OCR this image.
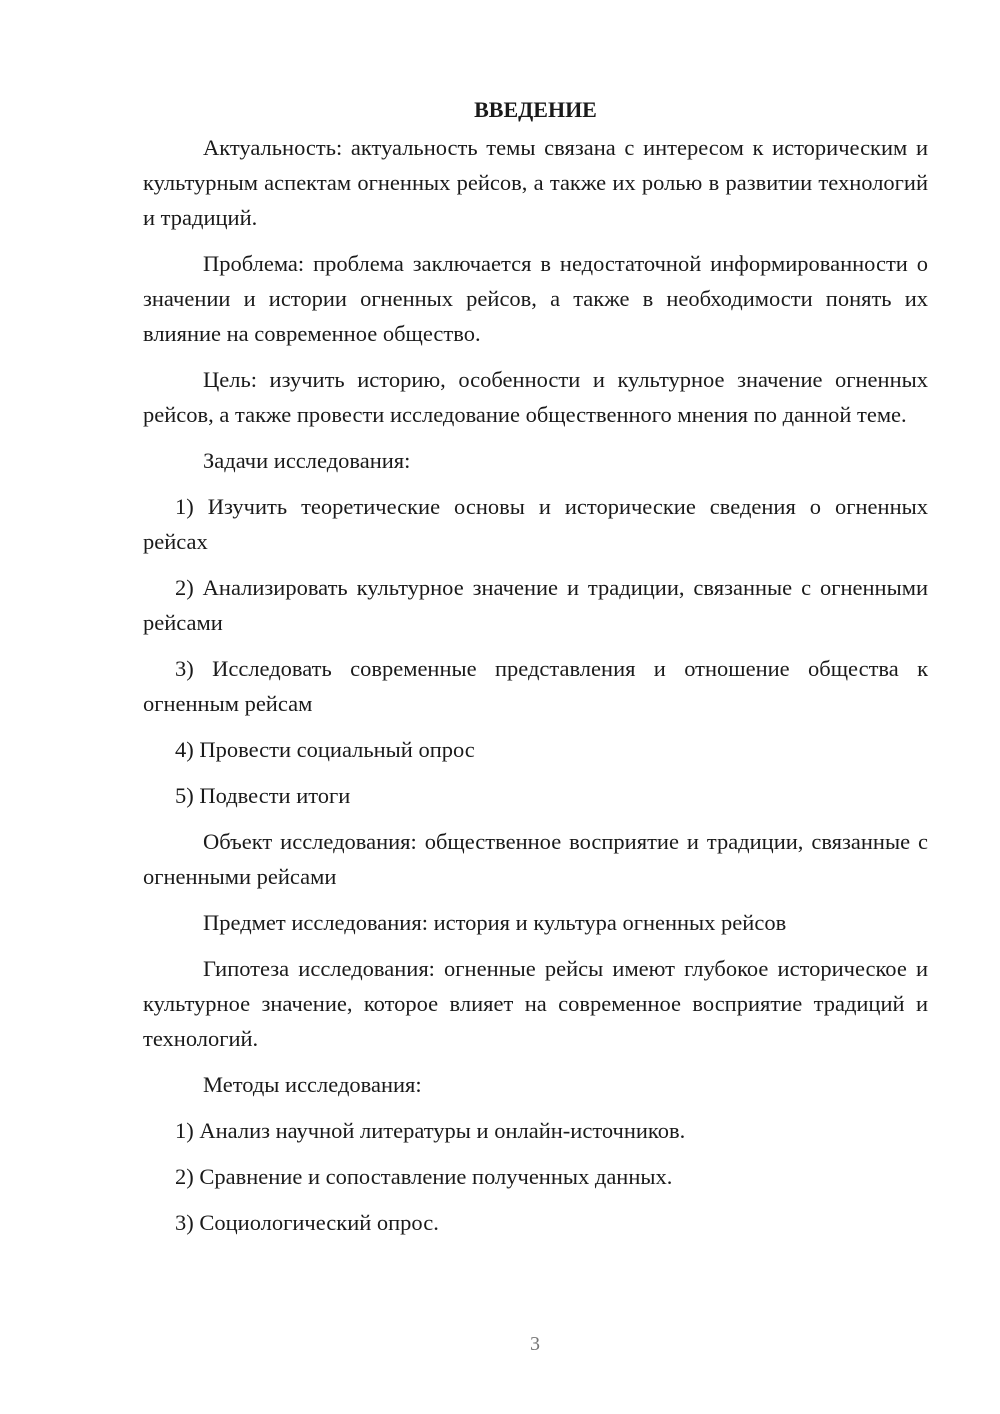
ВВЕДЕНИЕ

Актуальность: актуальность темы связана с интересом к историческим и культурным аспектам огненных рейсов, а также их ролью в развитии технологий и традиций.

Проблема: проблема заключается в недостаточной информированности о значении и истории огненных рейсов, а также в необходимости понять их влияние на современное общество.

Цель: изучить историю, особенности и культурное значение огненных рейсов, а также провести исследование общественного мнения по данной теме.

Задачи исследования:

1) Изучить теоретические основы и исторические сведения о огненных рейсах

2) Анализировать культурное значение и традиции, связанные с огненными рейсами

3) Исследовать современные представления и отношение общества к огненным рейсам

4) Провести социальный опрос

5) Подвести итоги

Объект исследования: общественное восприятие и традиции, связанные с огненными рейсами

Предмет исследования: история и культура огненных рейсов

Гипотеза исследования: огненные рейсы имеют глубокое историческое и культурное значение, которое влияет на современное восприятие традиций и технологий.

Методы исследования:

1) Анализ научной литературы и онлайн-источников.

2) Сравнение и сопоставление полученных данных.

3) Социологический опрос.

3
